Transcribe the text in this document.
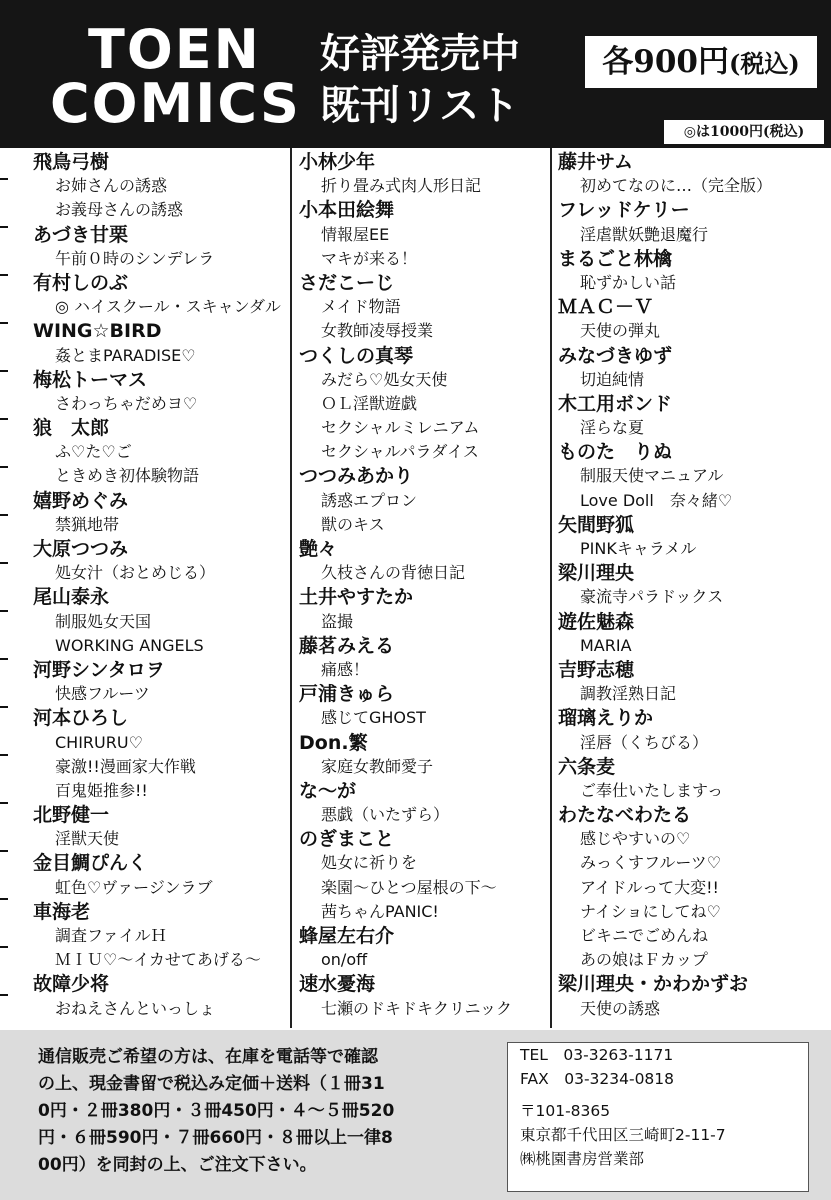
TOEN
COMICS
好評発売中
既刊リスト
各900円(税込)
◎は1000円(税込)
飛鳥弓樹
お姉さんの誘惑
お義母さんの誘惑
あづき甘栗
午前０時のシンデレラ
有村しのぶ
◎ ハイスクール・スキャンダル
WING☆BIRD
姦とまPARADISE♡
梅松トーマス
さわっちゃだめヨ♡
狼　太郎
ふ♡た♡ご
ときめき初体験物語
嬉野めぐみ
禁猟地帯
大原つつみ
処女汁（おとめじる）
尾山泰永
制服処女天国
WORKING ANGELS
河野シンタロヲ
快感フルーツ
河本ひろし
CHIRURU♡
豪激!!漫画家大作戦
百鬼姫推参!!
北野健一
淫獣天使
金目鯛ぴんく
虹色♡ヴァージンラブ
車海老
調査ファイルＨ
ＭＩＵ♡～イカせてあげる～
故障少将
おねえさんといっしょ
小林少年
折り畳み式肉人形日記
小本田絵舞
情報屋EE
マキが来る！
さだこーじ
メイド物語
女教師凌辱授業
つくしの真琴
みだら♡処女天使
ＯＬ淫獣遊戯
セクシャルミレニアム
セクシャルパラダイス
つつみあかり
誘惑エプロン
獣のキス
艶々
久枝さんの背徳日記
土井やすたか
盗撮
藤茗みえる
痛感！
戸浦きゅら
感じてGHOST
Don.繁
家庭女教師愛子
な～が
悪戯（いたずら）
のぎまこと
処女に祈りを
楽園～ひとつ屋根の下～
茜ちゃんPANIC!
蜂屋左右介
on/off
速水憂海
七瀬のドキドキクリニック
藤井サム
初めてなのに…（完全版）
フレッドケリー
淫虐獣妖艶退魔行
まるごと林檎
恥ずかしい話
ＭＡＣ－Ｖ
天使の弾丸
みなづきゆず
切迫純情
木工用ボンド
淫らな夏
ものた　りぬ
制服天使マニュアル
Love Doll　奈々緒♡
矢間野狐
PINKキャラメル
梁川理央
豪流寺パラドックス
遊佐魅森
MARIA
吉野志穂
調教淫熟日記
瑠璃えりか
淫唇（くちびる）
六条麦
ご奉仕いたしますっ
わたなべわたる
感じやすいの♡
みっくすフルーツ♡
アイドルって大変!!
ナイショにしてね♡
ビキニでごめんね
あの娘はＦカップ
梁川理央・かわかずお
天使の誘惑
通信販売ご希望の方は、在庫を電話等で確認
の上、現金書留で税込み定価＋送料（１冊31
0円・２冊380円・３冊450円・４～５冊520
円・６冊590円・７冊660円・８冊以上一律8
00円）を同封の上、ご注文下さい。
TEL　03-3263-1171
FAX　03-3234-0818
〒101-8365
東京都千代田区三崎町2-11-7
㈱桃園書房営業部
